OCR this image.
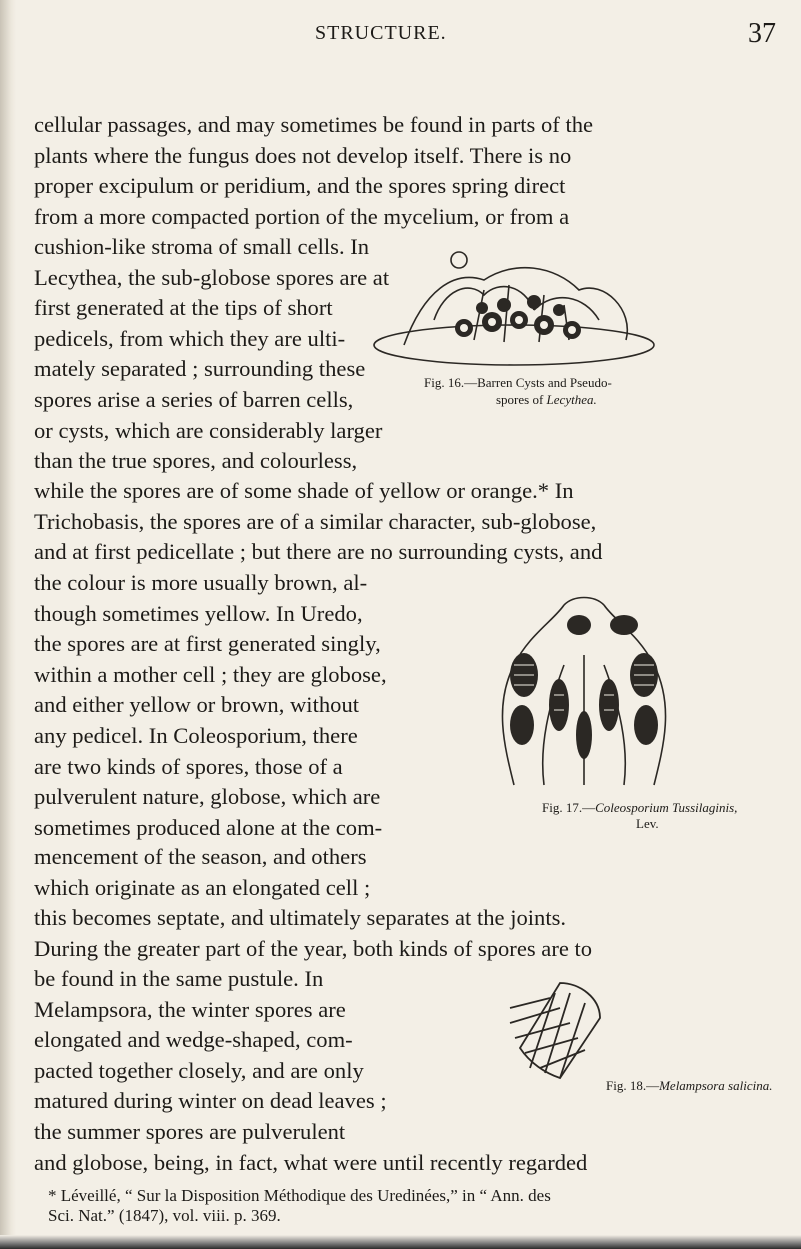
STRUCTURE.	37
cellular passages, and may sometimes be found in parts of the
plants where the fungus does not develop itself. There is no
proper excipulum or peridium, and the spores spring direct
from a more compacted portion of the mycelium, or from a
cushion-like stroma of small cells. In
Lecythea, the sub-globose spores are at
first generated at the tips of short
pedicels, from which they are ulti-
mately separated ; surrounding these
spores arise a series of barren cells,
or cysts, which are considerably larger
than the true spores, and colourless,
Fig. 16.—Barren Cysts and Pseudo-
spores of Lecythea.
while the spores are of some shade of yellow or orange.* In
Trichobasis, the spores are of a similar character, sub-globose,
and at first pedicellate ; but there are no surrounding cysts, and
the colour is more usually brown, al-
though sometimes yellow. In Uredo,
the spores are at first generated singly,
within a mother cell ; they are globose,
and either yellow or brown, without
any pedicel. In Coleosporium, there
are two kinds of spores, those of a
pulverulent nature, globose, which are
sometimes produced alone at the com-
Fig. 17.—Coleosporium Tussilaginis,
Lev.
mencement of the season, and others
which originate as an elongated cell ;
this becomes septate, and ultimately separates at the joints.
During the greater part of the year, both kinds of spores are to
be found in the same pustule. In
Melampsora, the winter spores are
elongated and wedge-shaped, com-
pacted together closely, and are only
matured during winter on dead leaves ;
the summer spores are pulverulent
Fig. 18.—Melampsora salicina.
and globose, being, in fact, what were until recently regarded
* Léveillé, “ Sur la Disposition Méthodique des Uredinées,” in “ Ann. des
Sci. Nat.” (1847), vol. viii. p. 369.
